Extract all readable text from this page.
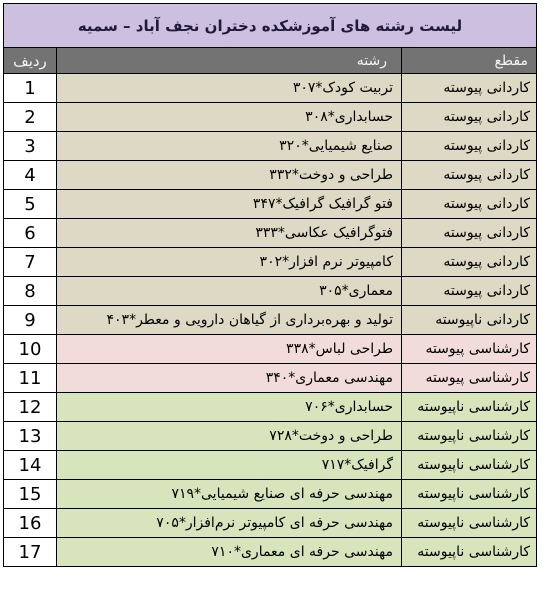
لیست رشته های آموزشکده دختران نجف آباد – سمیه		
ردیف	رشته	مقطع
1	تربیت کودک*۳۰۷	کاردانی پیوسته
2	حسابداری*۳۰۸	کاردانی پیوسته
3	صنایع شیمیایی*۳۲۰	کاردانی پیوسته
4	طراحی و دوخت*۳۳۲	کاردانی پیوسته
5	فتو گرافیک گرافیک*۳۴۷	کاردانی پیوسته
6	فتوگرافیک عکاسی*۳۳۳	کاردانی پیوسته
7	کامپیوتر نرم افزار*۳۰۲	کاردانی پیوسته
8	معماری*۳۰۵	کاردانی پیوسته
9	تولید و بهره‌برداری از گیاهان دارویی و معطر*۴۰۳	کاردانی ناپیوسته
10	طراحی لباس*۳۳۸	کارشناسی پیوسته
11	مهندسی معماری*۳۴۰	کارشناسی پیوسته
12	حسابداری*۷۰۶	کارشناسی ناپیوسته
13	طراحی و دوخت*۷۲۸	کارشناسی ناپیوسته
14	گرافیک*۷۱۷	کارشناسی ناپیوسته
15	مهندسی حرفه ای صنایع شیمیایی*۷۱۹	کارشناسی ناپیوسته
16	مهندسی حرفه ای کامپیوتر نرم‌افزار*۷۰۵	کارشناسی ناپیوسته
17	مهندسی حرفه ای معماری*۷۱۰	کارشناسی ناپیوسته
